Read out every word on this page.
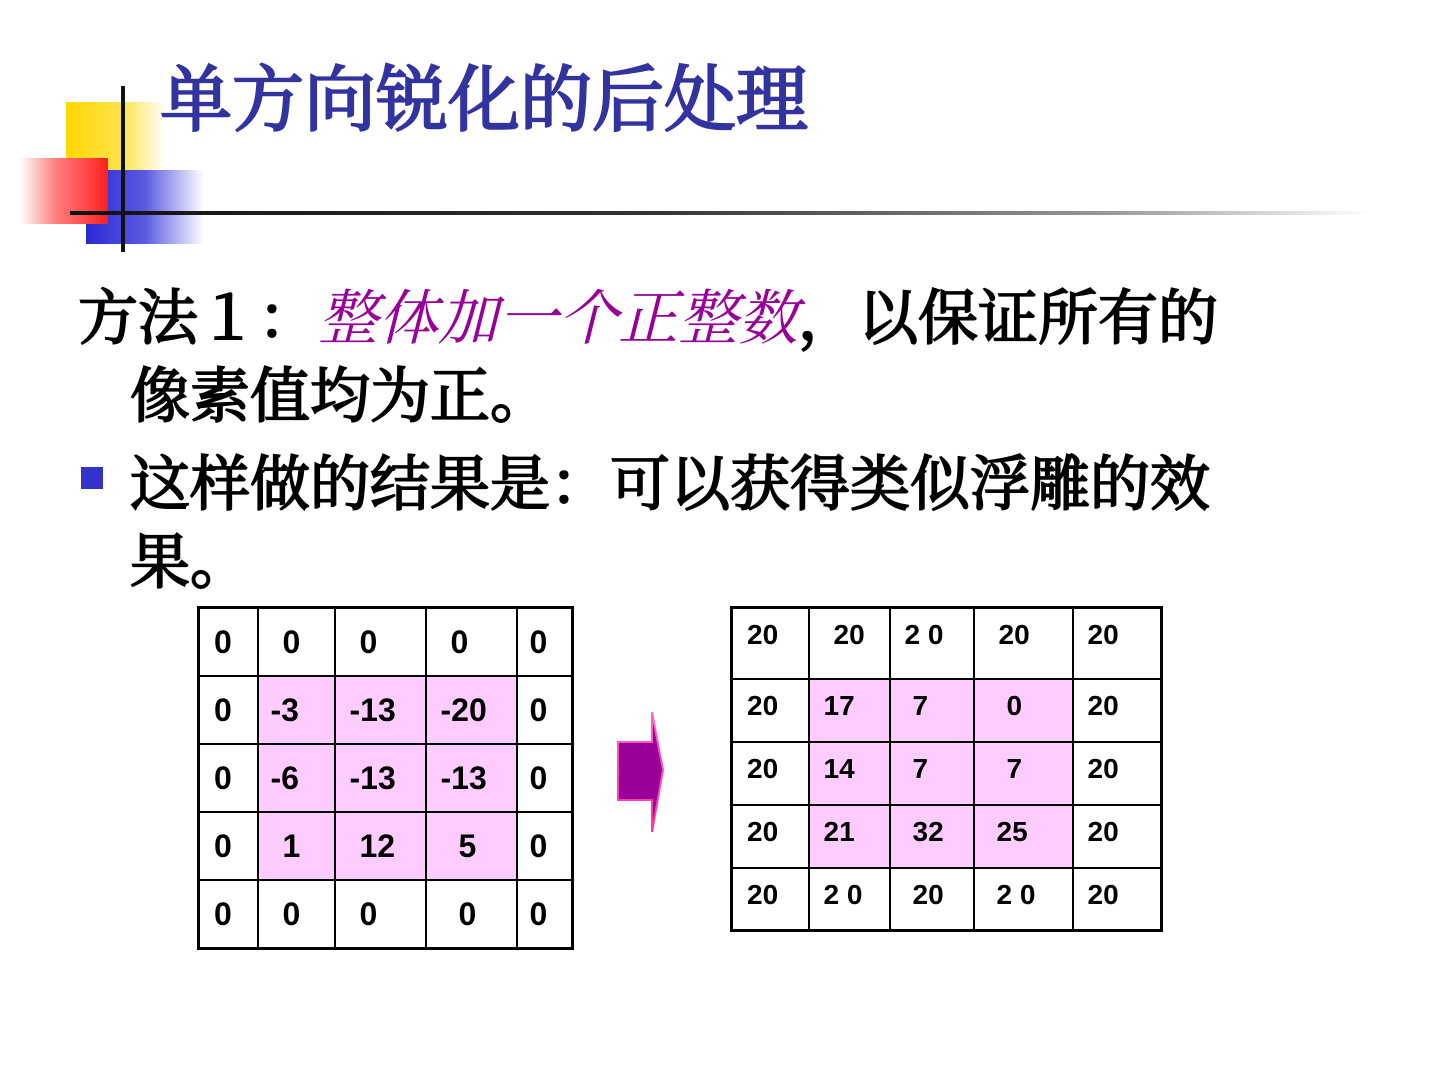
单方向锐化的后处理
方法１：整体加一个正整数，以保证所有的
像素值均为正。
这样做的结果是：可以获得类似浮雕的效
果。
0	0	0	0	0

0	-3	-13	-20	0

0	-6	-13	-13	0

0	1	12	5	0

0	0	0	0	0
20	20	2 0	20	20

20	17	7	0	20

20	14	7	7	20

20	21	32	25	20

20	2 0	20	2 0	20
